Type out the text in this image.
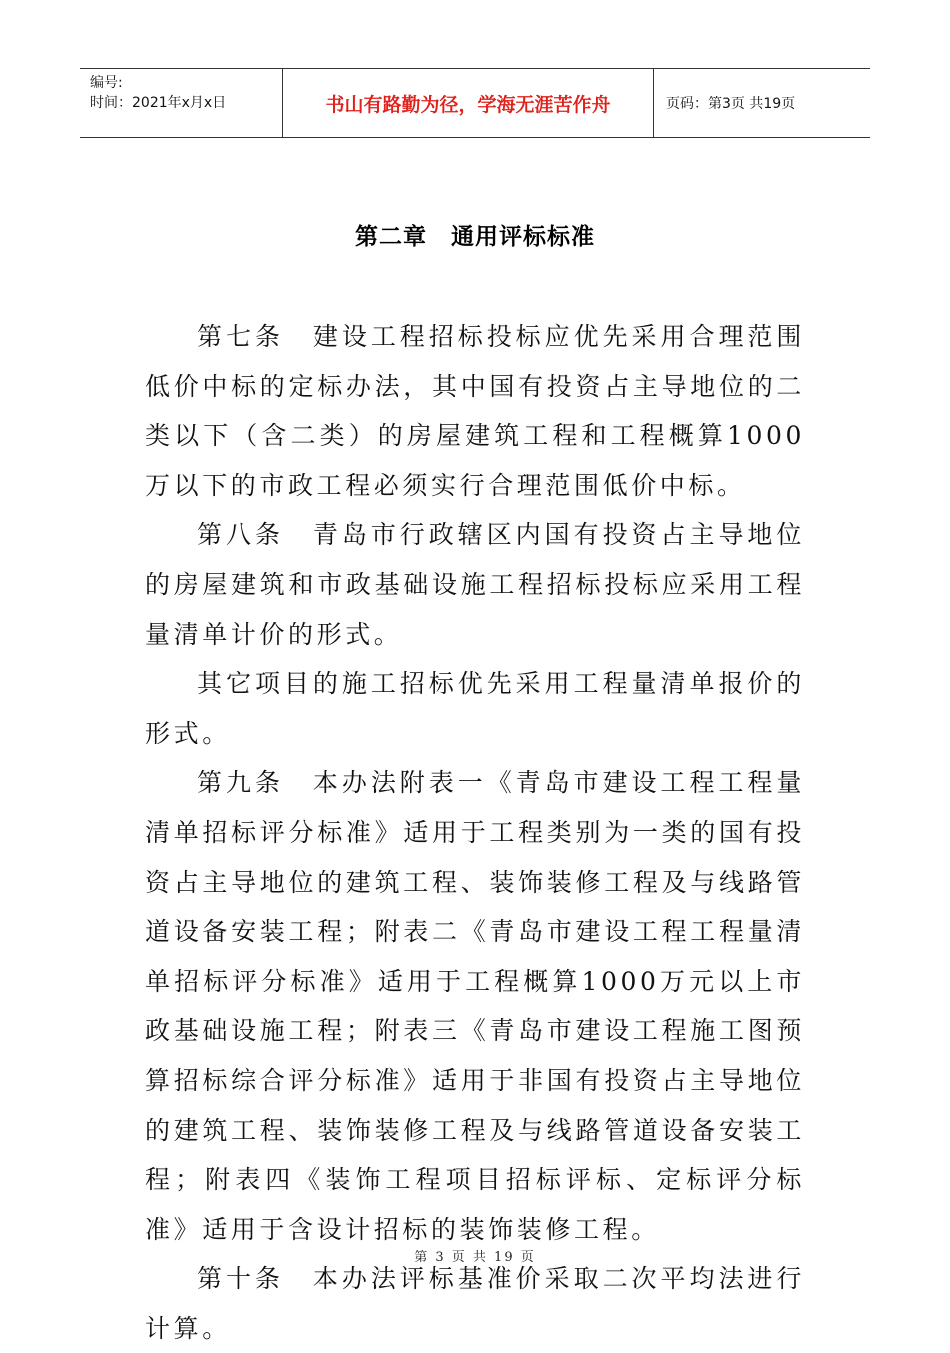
编号:
时间：2021年x月x日	书山有路勤为径，学海无涯苦作舟	页码：第3页 共19页
第二章　通用评标标准

第七条　建设工程招标投标应优先采用合理范围低价中标的定标办法，其中国有投资占主导地位的二类以下（含二类）的房屋建筑工程和工程概算1000万以下的市政工程必须实行合理范围低价中标。

第八条　青岛市行政辖区内国有投资占主导地位的房屋建筑和市政基础设施工程招标投标应采用工程量清单计价的形式。

其它项目的施工招标优先采用工程量清单报价的形式。

第九条　本办法附表一《青岛市建设工程工程量清单招标评分标准》适用于工程类别为一类的国有投资占主导地位的建筑工程、装饰装修工程及与线路管道设备安装工程；附表二《青岛市建设工程工程量清单招标评分标准》适用于工程概算1000万元以上市政基础设施工程；附表三《青岛市建设工程施工图预算招标综合评分标准》适用于非国有投资占主导地位的建筑工程、装饰装修工程及与线路管道设备安装工程；附表四《装饰工程项目招标评标、定标评分标准》适用于含设计招标的装饰装修工程。

第十条　本办法评标基准价采取二次平均法进行计算。

第 3 页 共 19 页
